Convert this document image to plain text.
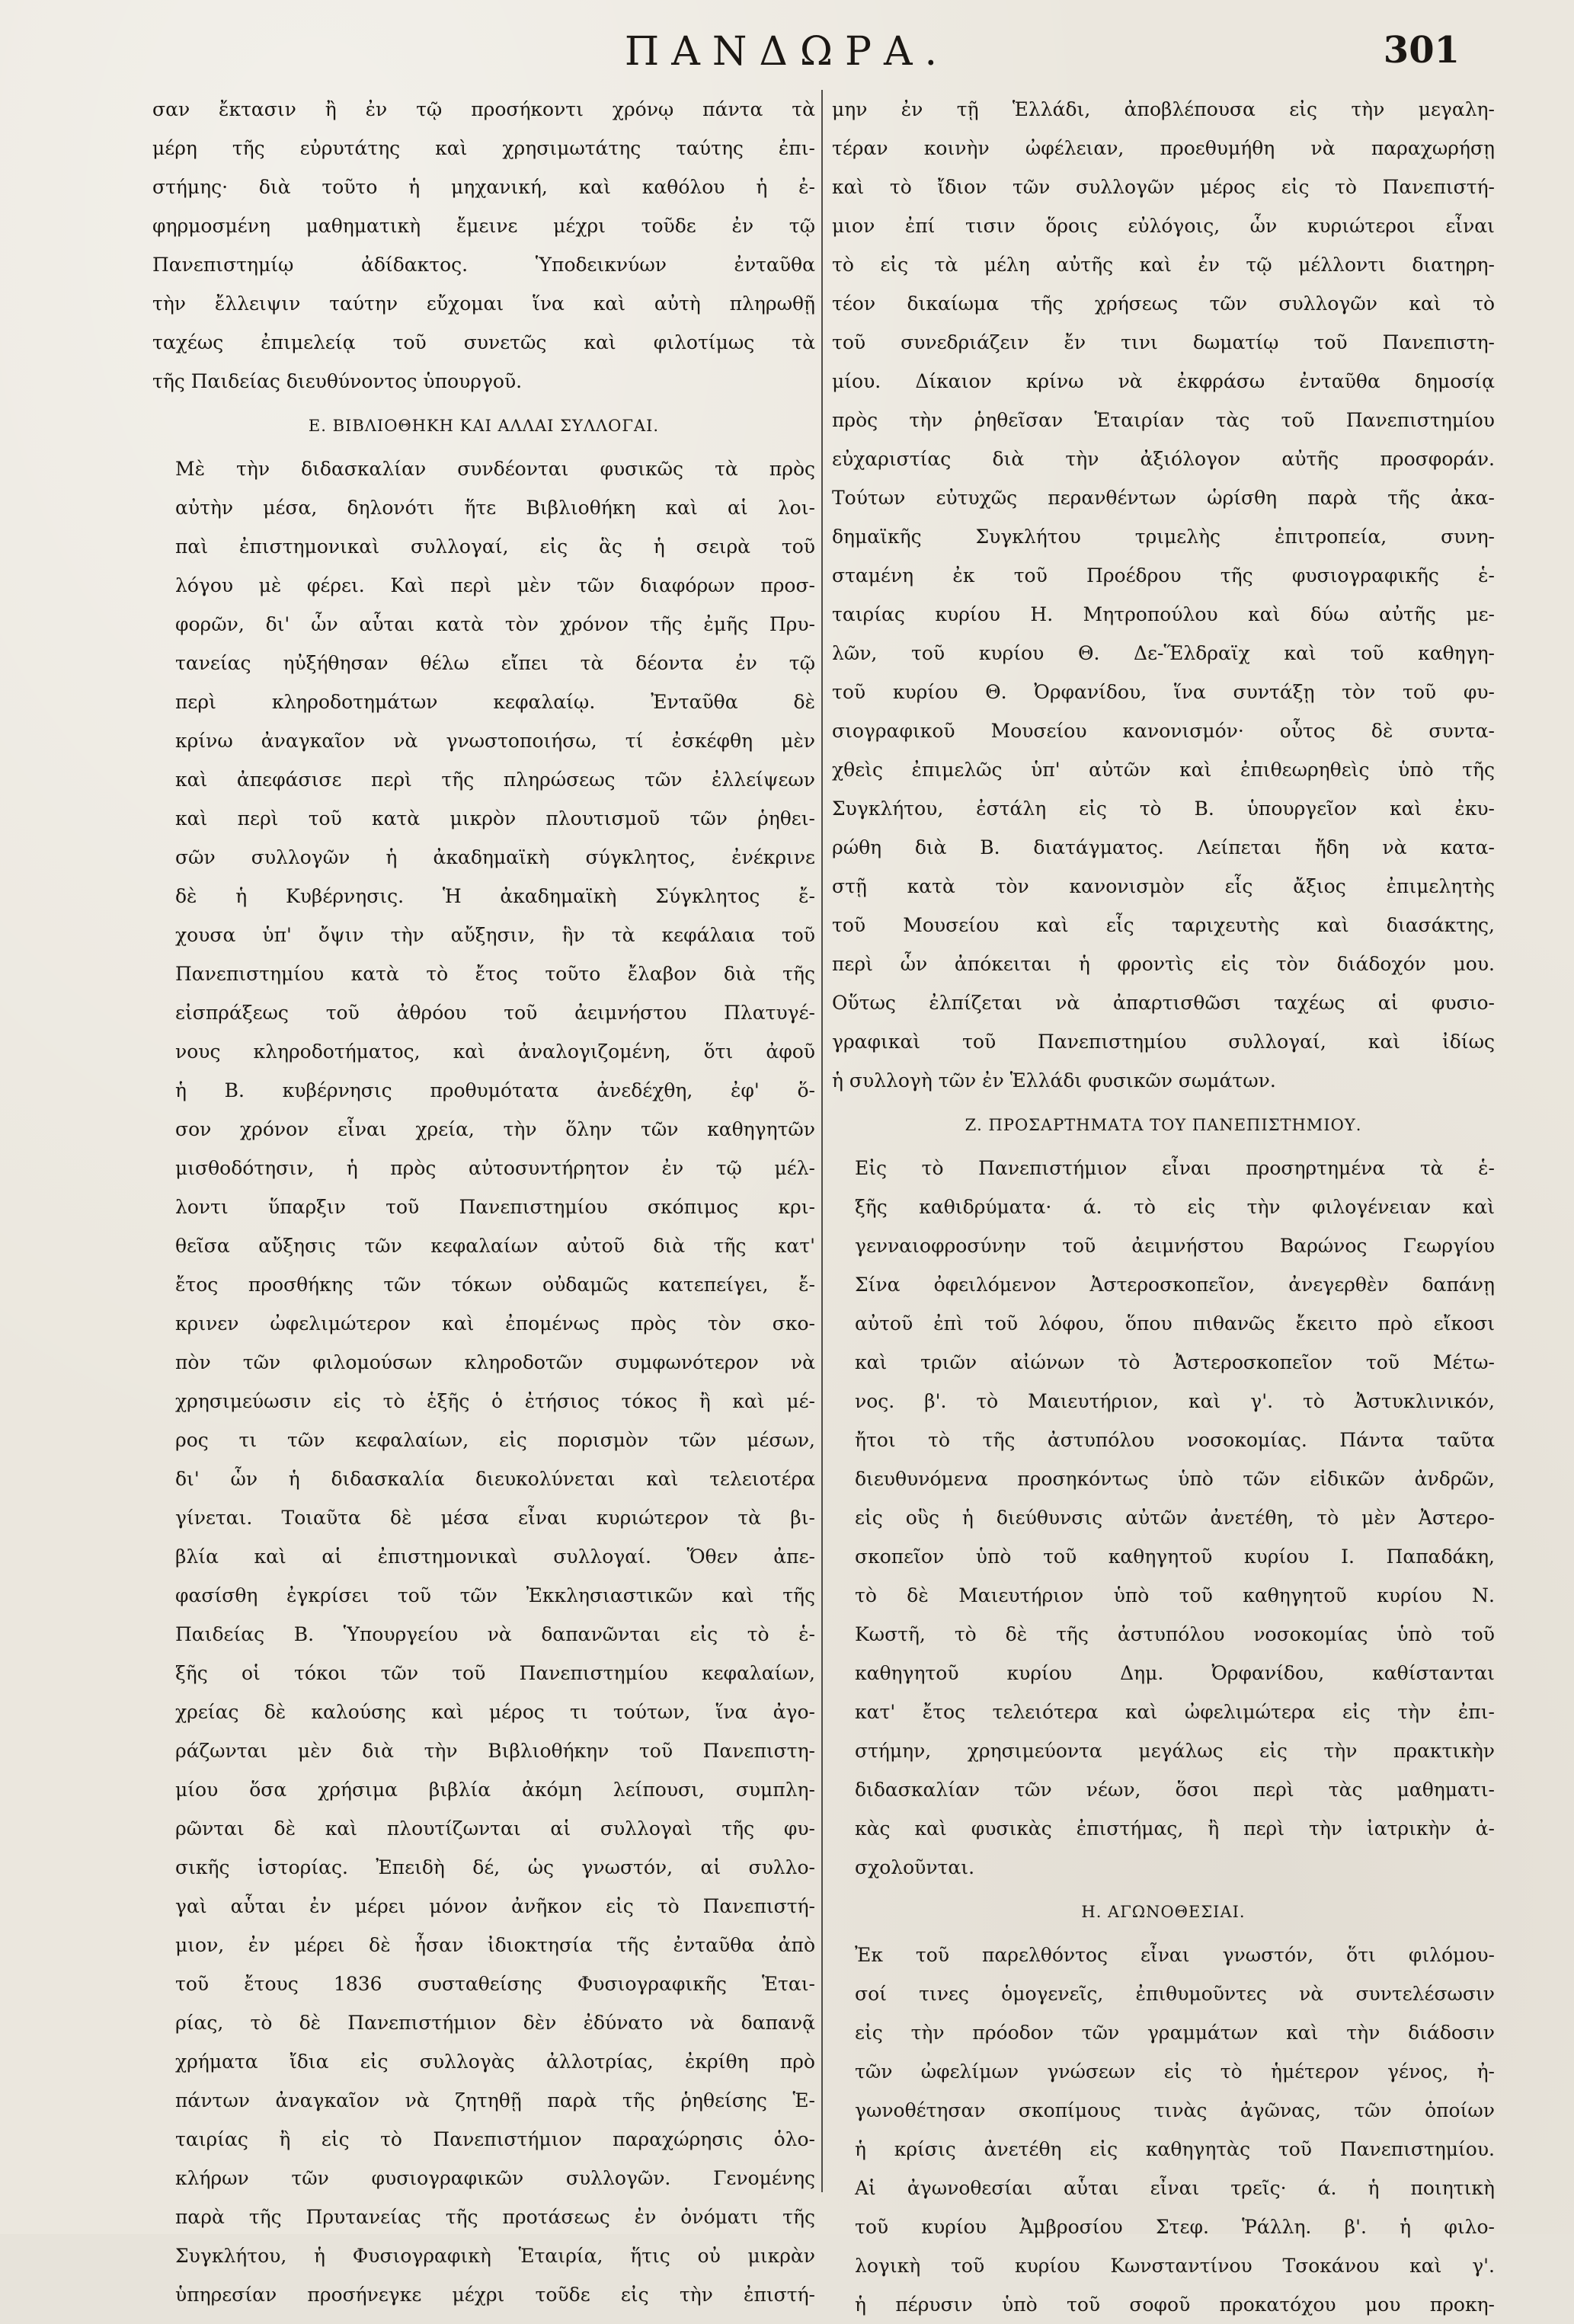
ΠΑΝΔΩΡΑ.	301
σαν ἔκτασιν ἢ ἐν τῷ προσήκοντι χρόνῳ πάντα τὰ
μέρη τῆς εὐρυτάτης καὶ χρησιμωτάτης ταύτης ἐπι-
στήμης· διὰ τοῦτο ἡ μηχανική, καὶ καθόλου ἡ ἐ-
φηρμοσμένη μαθηματικὴ ἔμεινε μέχρι τοῦδε ἐν τῷ
Πανεπιστημίῳ ἀδίδακτος. Ὑποδεικνύων ἐνταῦθα
τὴν ἔλλειψιν ταύτην εὔχομαι ἵνα καὶ αὐτὴ πληρωθῇ
ταχέως ἐπιμελείᾳ τοῦ συνετῶς καὶ φιλοτίμως τὰ
τῆς Παιδείας διευθύνοντος ὑπουργοῦ.
Ε. ΒΙΒΛΙΟΘΗΚΗ ΚΑΙ ΑΛΛΑΙ ΣΥΛΛΟΓΑΙ.
Μὲ τὴν διδασκαλίαν συνδέονται φυσικῶς τὰ πρὸς
αὐτὴν μέσα, δηλονότι ἥτε Βιβλιοθήκη καὶ αἱ λοι-
παὶ ἐπιστημονικαὶ συλλογαί, εἰς ἃς ἡ σειρὰ τοῦ
λόγου μὲ φέρει. Καὶ περὶ μὲν τῶν διαφόρων προσ-
φορῶν, δι' ὧν αὗται κατὰ τὸν χρόνον τῆς ἐμῆς Πρυ-
τανείας ηὐξήθησαν θέλω εἴπει τὰ δέοντα ἐν τῷ
περὶ κληροδοτημάτων κεφαλαίῳ. Ἐνταῦθα δὲ
κρίνω ἀναγκαῖον νὰ γνωστοποιήσω, τί ἐσκέφθη μὲν
καὶ ἀπεφάσισε περὶ τῆς πληρώσεως τῶν ἐλλείψεων
καὶ περὶ τοῦ κατὰ μικρὸν πλουτισμοῦ τῶν ῥηθει-
σῶν συλλογῶν ἡ ἀκαδημαϊκὴ σύγκλητος, ἐνέκρινε
δὲ ἡ Κυβέρνησις. Ἡ ἀκαδημαϊκὴ Σύγκλητος ἔ-
χουσα ὑπ' ὄψιν τὴν αὔξησιν, ἣν τὰ κεφάλαια τοῦ
Πανεπιστημίου κατὰ τὸ ἔτος τοῦτο ἔλαβον διὰ τῆς
εἰσπράξεως τοῦ ἀθρόου τοῦ ἀειμνήστου Πλατυγέ-
νους κληροδοτήματος, καὶ ἀναλογιζομένη, ὅτι ἀφοῦ
ἡ Β. κυβέρνησις προθυμότατα ἀνεδέχθη, ἐφ' ὅ-
σον χρόνον εἶναι χρεία, τὴν ὅλην τῶν καθηγητῶν
μισθοδότησιν, ἡ πρὸς αὐτοσυντήρητον ἐν τῷ μέλ-
λοντι ὕπαρξιν τοῦ Πανεπιστημίου σκόπιμος κρι-
θεῖσα αὔξησις τῶν κεφαλαίων αὐτοῦ διὰ τῆς κατ'
ἔτος προσθήκης τῶν τόκων οὐδαμῶς κατεπείγει, ἔ-
κρινεν ὠφελιμώτερον καὶ ἐπομένως πρὸς τὸν σκο-
πὸν τῶν φιλομούσων κληροδοτῶν συμφωνότερον νὰ
χρησιμεύωσιν εἰς τὸ ἑξῆς ὁ ἐτήσιος τόκος ἢ καὶ μέ-
ρος τι τῶν κεφαλαίων, εἰς πορισμὸν τῶν μέσων,
δι' ὧν ἡ διδασκαλία διευκολύνεται καὶ τελειοτέρα
γίνεται. Τοιαῦτα δὲ μέσα εἶναι κυριώτερον τὰ βι-
βλία καὶ αἱ ἐπιστημονικαὶ συλλογαί. Ὅθεν ἀπε-
φασίσθη ἐγκρίσει τοῦ τῶν Ἐκκλησιαστικῶν καὶ τῆς
Παιδείας Β. Ὑπουργείου νὰ δαπανῶνται εἰς τὸ ἑ-
ξῆς οἱ τόκοι τῶν τοῦ Πανεπιστημίου κεφαλαίων,
χρείας δὲ καλούσης καὶ μέρος τι τούτων, ἵνα ἀγο-
ράζωνται μὲν διὰ τὴν Βιβλιοθήκην τοῦ Πανεπιστη-
μίου ὅσα χρήσιμα βιβλία ἀκόμη λείπουσι, συμπλη-
ρῶνται δὲ καὶ πλουτίζωνται αἱ συλλογαὶ τῆς φυ-
σικῆς ἱστορίας. Ἐπειδὴ δέ, ὡς γνωστόν, αἱ συλλο-
γαὶ αὗται ἐν μέρει μόνον ἀνῆκον εἰς τὸ Πανεπιστή-
μιον, ἐν μέρει δὲ ἦσαν ἰδιοκτησία τῆς ἐνταῦθα ἀπὸ
τοῦ ἔτους 1836 συσταθείσης Φυσιογραφικῆς Ἑται-
ρίας, τὸ δὲ Πανεπιστήμιον δὲν ἐδύνατο νὰ δαπανᾷ
χρήματα ἴδια εἰς συλλογὰς ἀλλοτρίας, ἐκρίθη πρὸ
πάντων ἀναγκαῖον νὰ ζητηθῇ παρὰ τῆς ῥηθείσης Ἑ-
ταιρίας ἢ εἰς τὸ Πανεπιστήμιον παραχώρησις ὁλο-
κλήρων τῶν φυσιογραφικῶν συλλογῶν. Γενομένης
παρὰ τῆς Πρυτανείας τῆς προτάσεως ἐν ὀνόματι τῆς
Συγκλήτου, ἡ Φυσιογραφικὴ Ἑταιρία, ἥτις οὐ μικρὰν
ὑπηρεσίαν προσήνεγκε μέχρι τοῦδε εἰς τὴν ἐπιστή-
μην ἐν τῇ Ἑλλάδι, ἀποβλέπουσα εἰς τὴν μεγαλη-
τέραν κοινὴν ὠφέλειαν, προεθυμήθη νὰ παραχωρήσῃ
καὶ τὸ ἴδιον τῶν συλλογῶν μέρος εἰς τὸ Πανεπιστή-
μιον ἐπί τισιν ὅροις εὐλόγοις, ὧν κυριώτεροι εἶναι
τὸ εἰς τὰ μέλη αὐτῆς καὶ ἐν τῷ μέλλοντι διατηρη-
τέον δικαίωμα τῆς χρήσεως τῶν συλλογῶν καὶ τὸ
τοῦ συνεδριάζειν ἔν τινι δωματίῳ τοῦ Πανεπιστη-
μίου. Δίκαιον κρίνω νὰ ἐκφράσω ἐνταῦθα δημοσίᾳ
πρὸς τὴν ῥηθεῖσαν Ἑταιρίαν τὰς τοῦ Πανεπιστημίου
εὐχαριστίας διὰ τὴν ἀξιόλογον αὐτῆς προσφοράν.
Τούτων εὐτυχῶς περανθέντων ὡρίσθη παρὰ τῆς ἀκα-
δημαϊκῆς Συγκλήτου τριμελὴς ἐπιτροπεία, συνη-
σταμένη ἐκ τοῦ Προέδρου τῆς φυσιογραφικῆς ἑ-
ταιρίας κυρίου Η. Μητροπούλου καὶ δύω αὐτῆς με-
λῶν, τοῦ κυρίου Θ. Δε-Ἕλδραϊχ καὶ τοῦ καθηγη-
τοῦ κυρίου Θ. Ὀρφανίδου, ἵνα συντάξῃ τὸν τοῦ φυ-
σιογραφικοῦ Μουσείου κανονισμόν· οὗτος δὲ συντα-
χθεὶς ἐπιμελῶς ὑπ' αὐτῶν καὶ ἐπιθεωρηθεὶς ὑπὸ τῆς
Συγκλήτου, ἐστάλη εἰς τὸ Β. ὑπουργεῖον καὶ ἐκυ-
ρώθη διὰ Β. διατάγματος. Λείπεται ἤδη νὰ κατα-
στῇ κατὰ τὸν κανονισμὸν εἷς ἄξιος ἐπιμελητὴς
τοῦ Μουσείου καὶ εἷς ταριχευτὴς καὶ διασάκτης,
περὶ ὧν ἀπόκειται ἡ φροντὶς εἰς τὸν διάδοχόν μου.
Οὕτως ἐλπίζεται νὰ ἀπαρτισθῶσι ταχέως αἱ φυσιο-
γραφικαὶ τοῦ Πανεπιστημίου συλλογαί, καὶ ἰδίως
ἡ συλλογὴ τῶν ἐν Ἑλλάδι φυσικῶν σωμάτων.
Ζ. ΠΡΟΣΑΡΤΗΜΑΤΑ ΤΟΥ ΠΑΝΕΠΙΣΤΗΜΙΟΥ.
Εἰς τὸ Πανεπιστήμιον εἶναι προσηρτημένα τὰ ἑ-
ξῆς καθιδρύματα· ά. τὸ εἰς τὴν φιλογένειαν καὶ
γενναιοφροσύνην τοῦ ἀειμνήστου Βαρώνος Γεωργίου
Σίνα ὀφειλόμενον Ἀστεροσκοπεῖον, ἀνεγερθὲν δαπάνῃ
αὐτοῦ ἐπὶ τοῦ λόφου, ὅπου πιθανῶς ἔκειτο πρὸ εἴκοσι
καὶ τριῶν αἰώνων τὸ Ἀστεροσκοπεῖον τοῦ Μέτω-
νος. β'. τὸ Μαιευτήριον, καὶ γ'. τὸ Ἀστυκλινικόν,
ἤτοι τὸ τῆς ἀστυπόλου νοσοκομίας. Πάντα ταῦτα
διευθυνόμενα προσηκόντως ὑπὸ τῶν εἰδικῶν ἀνδρῶν,
εἰς οὓς ἡ διεύθυνσις αὐτῶν ἀνετέθη, τὸ μὲν Ἀστερο-
σκοπεῖον ὑπὸ τοῦ καθηγητοῦ κυρίου Ι. Παπαδάκη,
τὸ δὲ Μαιευτήριον ὑπὸ τοῦ καθηγητοῦ κυρίου Ν.
Κωστῆ, τὸ δὲ τῆς ἀστυπόλου νοσοκομίας ὑπὸ τοῦ
καθηγητοῦ κυρίου Δημ. Ὀρφανίδου, καθίστανται
κατ' ἔτος τελειότερα καὶ ὠφελιμώτερα εἰς τὴν ἐπι-
στήμην, χρησιμεύοντα μεγάλως εἰς τὴν πρακτικὴν
διδασκαλίαν τῶν νέων, ὅσοι περὶ τὰς μαθηματι-
κὰς καὶ φυσικὰς ἐπιστήμας, ἢ περὶ τὴν ἰατρικὴν ἀ-
σχολοῦνται.
Η. ΑΓΩΝΟΘΕΣΙΑΙ.
Ἐκ τοῦ παρελθόντος εἶναι γνωστόν, ὅτι φιλόμου-
σοί τινες ὁμογενεῖς, ἐπιθυμοῦντες νὰ συντελέσωσιν
εἰς τὴν πρόοδον τῶν γραμμάτων καὶ τὴν διάδοσιν
τῶν ὠφελίμων γνώσεων εἰς τὸ ἡμέτερον γένος, ἠ-
γωνοθέτησαν σκοπίμους τινὰς ἀγῶνας, τῶν ὁποίων
ἡ κρίσις ἀνετέθη εἰς καθηγητὰς τοῦ Πανεπιστημίου.
Αἱ ἀγωνοθεσίαι αὗται εἶναι τρεῖς· ά. ἡ ποιητικὴ
τοῦ κυρίου Ἀμβροσίου Στεφ. Ῥάλλη. β'. ἡ φιλο-
λογικὴ τοῦ κυρίου Κωνσταντίνου Τσοκάνου καὶ γ'.
ἡ πέρυσιν ὑπὸ τοῦ σοφοῦ προκατόχου μου προκη-
